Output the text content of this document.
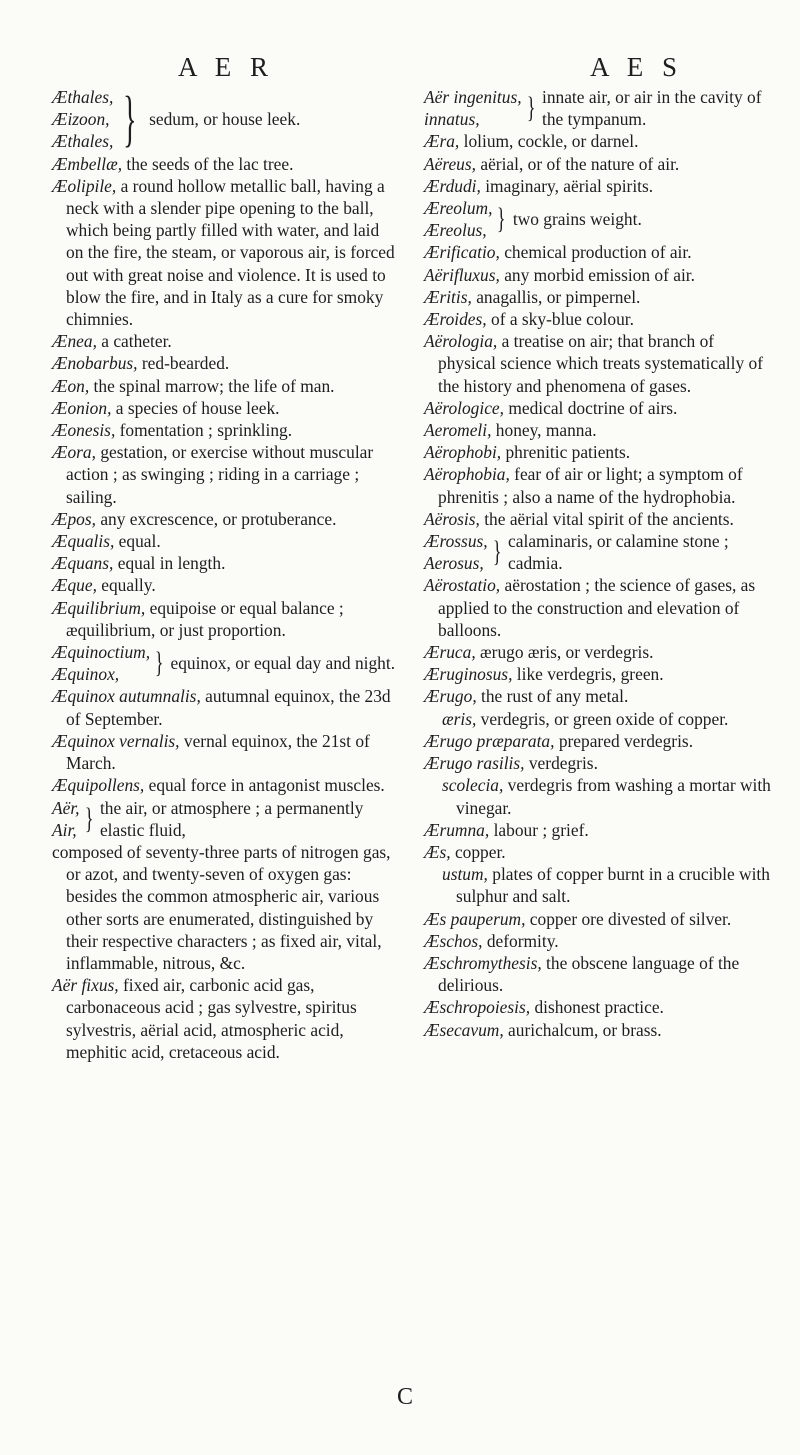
A E R	A E S
Æthales,
Æizoon,
Æthales, } sedum, or house leek.

Æmbellæ, the seeds of the lac tree.

Æolipile, a round hollow metallic ball, having a neck with a slender pipe opening to the ball, which being partly filled with water, and laid on the fire, the steam, or vaporous air, is forced out with great noise and violence. It is used to blow the fire, and in Italy as a cure for smoky chimnies.

Ænea, a catheter.

Ænobarbus, red-bearded.

Æon, the spinal marrow; the life of man.

Æonion, a species of house leek.

Æonesis, fomentation ; sprinkling.

Æora, gestation, or exercise without muscular action ; as swinging ; riding in a carriage ; sailing.

Æpos, any excrescence, or protuberance.

Æqualis, equal.

Æquans, equal in length.

Æque, equally.

Æquilibrium, equipoise or equal balance ; æquilibrium, or just proportion.

Æquinoctium,
Æquinox,	} equinox, or equal day and night.

Æquinox autumnalis, autumnal equinox, the 23d of September.

Æquinox vernalis, vernal equinox, the 21st of March.

Æquipollens, equal force in antagonist muscles.

Aër,
Air, } the air, or atmosphere ; a permanently elastic fluid,

composed of seventy-three parts of nitrogen gas, or azot, and twenty-seven of oxygen gas: besides the common atmospheric air, various other sorts are enumerated, distinguished by their respective characters ; as fixed air, vital, inflammable, nitrous, &c.

Aër fixus, fixed air, carbonic acid gas, carbonaceous acid ; gas sylvestre, spiritus sylvestris, aërial acid, atmospheric acid, mephitic acid, cretaceous acid.

Aër ingenitus,
innatus,	} innate air, or air in the cavity of the tympanum.

Æra, lolium, cockle, or darnel.

Aëreus, aërial, or of the nature of air.

Ærdudi, imaginary, aërial spirits.

Æreolum,
Æreolus, } two grains weight.

Ærificatio, chemical production of air.

Aërifluxus, any morbid emission of air.

Æritis, anagallis, or pimpernel.

Æroides, of a sky-blue colour.

Aërologia, a treatise on air; that branch of physical science which treats systematically of the history and phenomena of gases.

Aërologice, medical doctrine of airs.

Aeromeli, honey, manna.

Aërophobi, phrenitic patients.

Aërophobia, fear of air or light; a symptom of phrenitis ; also a name of the hydrophobia.

Aërosis, the aërial vital spirit of the ancients.

Ærossus,
Aerosus, } calaminaris, or calamine stone ; cadmia.

Aërostatio, aërostation ; the science of gases, as applied to the construction and elevation of balloons.

Æruca, ærugo æris, or verdegris.

Æruginosus, like verdegris, green.

Ærugo, the rust of any metal.

æris, verdegris, or green oxide of copper.

Ærugo præparata, prepared verdegris.

Ærugo rasilis, verdegris.

scolecia, verdegris from washing a mortar with vinegar.

Ærumna, labour ; grief.

Æs, copper.

ustum, plates of copper burnt in a crucible with sulphur and salt.

Æs pauperum, copper ore divested of silver.

Æschos, deformity.

Æschromythesis, the obscene language of the delirious.

Æschropoiesis, dishonest practice.

Æsecavum, aurichalcum, or brass.

C
